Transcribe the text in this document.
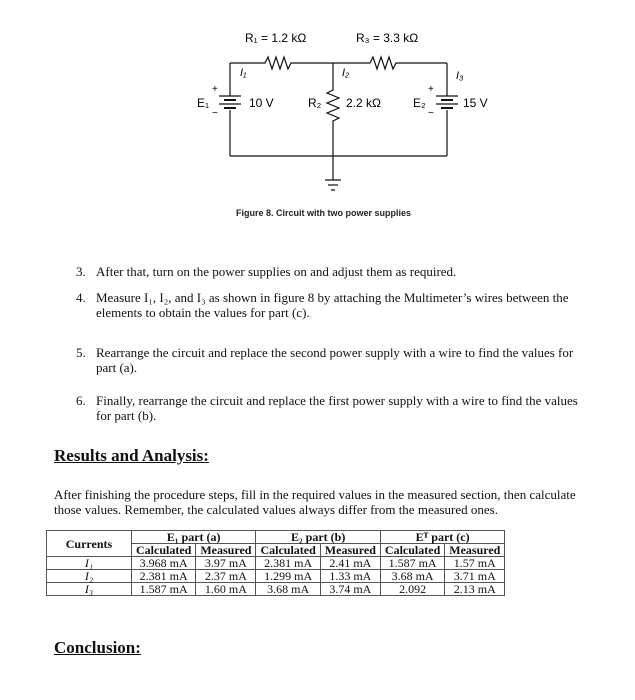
R₁ = 1.2 kΩ	R₃ = 3.3 kΩ
I₁	I₂	I₃
E₁	10 V
+
−
R₂ 2.2 kΩ	E₂	15 V
+
−
Figure 8. Circuit with two power supplies
3. After that, turn on the power supplies on and adjust them as required.
4. Measure I₁, I₂, and I₃ as shown in figure 8 by attaching the Multimeter’s wires between the elements to obtain the values for part (c).
5. Rearrange the circuit and replace the second power supply with a wire to find the values for part (a).
6. Finally, rearrange the circuit and replace the first power supply with a wire to find the values for part (b).
Results and Analysis:
After finishing the procedure steps, fill in the required values in the measured section, then calculate those values. Remember, the calculated values always differ from the measured ones.
Currents	E₁ part (a)		E₂ part (b)		Eᵀ part (c)	
	Calculated	Measured	Calculated	Measured	Calculated	Measured
I₁	3.968 mA	3.97 mA	2.381 mA	2.41 mA	1.587 mA	1.57 mA
I₂	2.381 mA	2.37 mA	1.299 mA	1.33 mA	3.68 mA	3.71 mA
I₃	1.587 mA	1.60 mA	3.68 mA	3.74 mA	2.092	2.13 mA
Conclusion:
